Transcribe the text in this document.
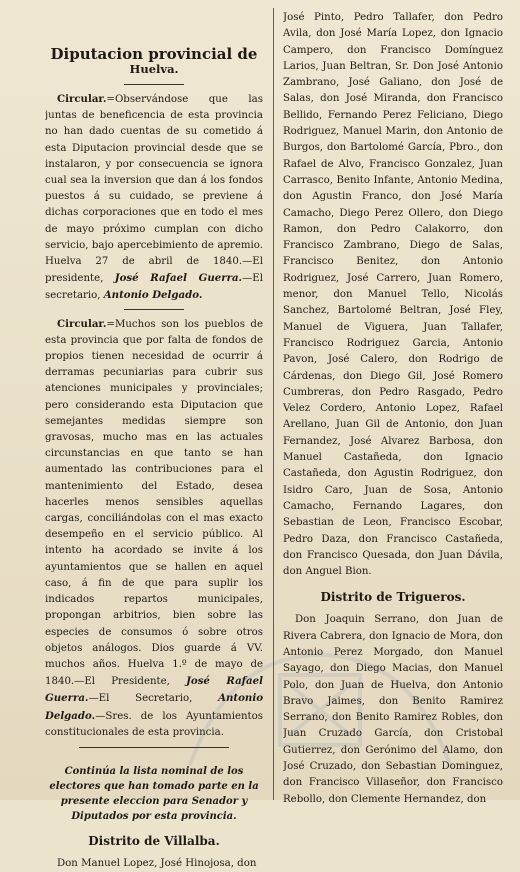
Diputacion provincial de
Huelva.

Circular.=Observándose que las juntas de beneficencia de esta provincia no han dado cuentas de su cometido á esta Diputacion provincial desde que se instalaron, y por consecuencia se ignora cual sea la inversion que dan á los fondos puestos á su cuidado, se previene á dichas corporaciones que en todo el mes de mayo próximo cumplan con dicho servicio, bajo apercebimiento de apremio. Huelva 27 de abril de 1840.—El presidente, José Rafael Guerra.—El secretario, Antonio Delgado.

Circular.=Muchos son los pueblos de esta provincia que por falta de fondos de propios tienen necesidad de ocurrir á derramas pecuniarias para cubrir sus atenciones municipales y provinciales; pero considerando esta Diputacion que semejantes medidas siempre son gravosas, mucho mas en las actuales circunstancias en que tanto se han aumentado las contribuciones para el mantenimiento del Estado, desea hacerles menos sensibles aquellas cargas, conciliándolas con el mas exacto desempeño en el servicio público. Al intento ha acordado se invite á los ayuntamientos que se hallen en aquel caso, á fin de que para suplir los indicados repartos municipales, propongan arbitrios, bien sobre las especies de consumos ó sobre otros objetos análogos. Dios guarde á VV. muchos años. Huelva 1.º de mayo de 1840.—El Presidente, José Rafael Guerra.—El Secretario,	Antonio Delgado.—Sres. de los Ayuntamientos constitucionales de esta provincia.

Continúa la lista nominal de los electores que han tomado parte en la presente eleccion para Senador y Diputados por esta provincia.
Distrito de Villalba.

Don Manuel Lopez, José Hinojosa, don

José Pinto, Pedro Tallafer, don Pedro Avila, don José María Lopez, don Ignacio Campero, don Francisco Domínguez Larios, Juan Beltran, Sr. Don José Antonio Zambrano, José Galiano, don José de Salas, don José Miranda, don Francisco Bellido, Fernando Perez Feliciano, Diego Rodriguez, Manuel Marin, don Antonio de Burgos, don Bartolomé García, Pbro., don Rafael de Alvo, Francisco Gonzalez, Juan Carrasco, Benito Infante, Antonio Medina, don Agustin Franco, don José María Camacho, Diego Perez Ollero, don Diego Ramon, don Pedro Calakorro, don Francisco Zambrano, Diego de Salas, Francisco Benitez, don Antonio Rodriguez, José Carrero, Juan Romero, menor, don Manuel Tello, Nicolás Sanchez, Bartolomé Beltran, José Fley, Manuel de Viguera, Juan Tallafer, Francisco Rodriguez Garcia, Antonio Pavon, José Calero, don Rodrigo de Cárdenas, don Diego Gil, José Romero Cumbreras, don Pedro Rasgado, Pedro Velez Cordero, Antonio Lopez, Rafael Arellano, Juan Gil de Antonio, don Juan Fernandez, José Alvarez Barbosa, don Manuel Castañeda, don Ignacio Castañeda, don Agustin Rodriguez, don Isidro Caro, Juan de Sosa, Antonio Camacho, Fernando Lagares, don Sebastian de Leon, Francisco Escobar, Pedro Daza, don Francisco Castañeda, don Francisco Quesada, don Juan Dávila, don Anguel Bion.

Distrito de Trigueros.

Don Joaquin Serrano, don Juan de Rivera Cabrera, don Ignacio de Mora, don Antonio Perez Morgado, don Manuel Sayago, don Diego Macias, don Manuel Polo, don Juan de Huelva, don Antonio Bravo Jaimes, don Benito Ramirez Serrano, don Benito Ramirez Robles, don Juan Cruzado García, don Cristobal Gutierrez, don Gerónimo del Alamo, don José Cruzado, don Sebastian Dominguez, don Francisco Villaseñor, don Francisco Rebollo, don Clemente Hernandez, don
